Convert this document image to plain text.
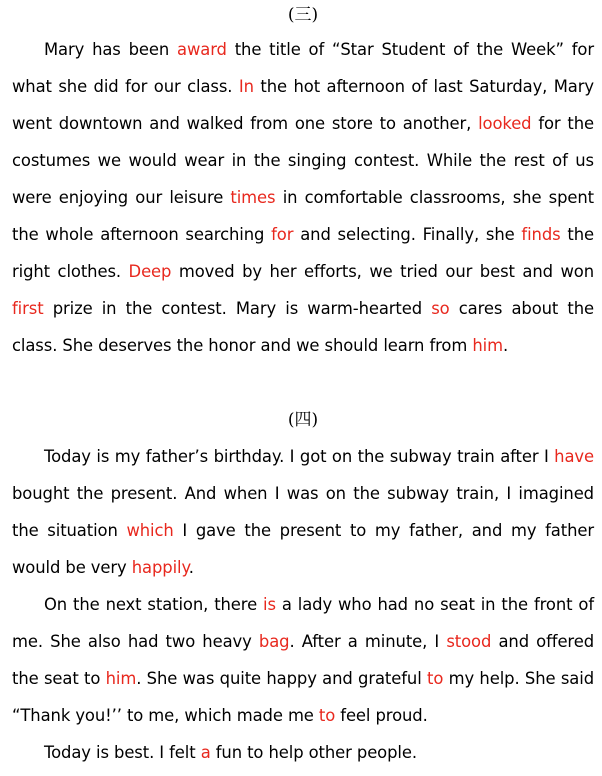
(三)

Mary has been award the title of “Star Student of the Week” for what she did for our class. In the hot afternoon of last Saturday, Mary went downtown and walked from one store to another, looked for the costumes we would wear in the singing contest. While the rest of us were enjoying our leisure times in comfortable classrooms, she spent the whole afternoon searching for and selecting. Finally, she finds the right clothes. Deep moved by her efforts, we tried our best and won first prize in the contest. Mary is warm-hearted so cares about the class. She deserves the honor and we should learn from him.

(四)

Today is my father’s birthday. I got on the subway train after I have bought the present. And when I was on the subway train, I imagined the situation which I gave the present to my father, and my father would be very happily.

On the next station, there is a lady who had no seat in the front of me. She also had two heavy bag. After a minute, I stood and offered the seat to him. She was quite happy and grateful to my help. She said “Thank you!’’ to me, which made me to feel proud.

Today is best. I felt a fun to help other people.
